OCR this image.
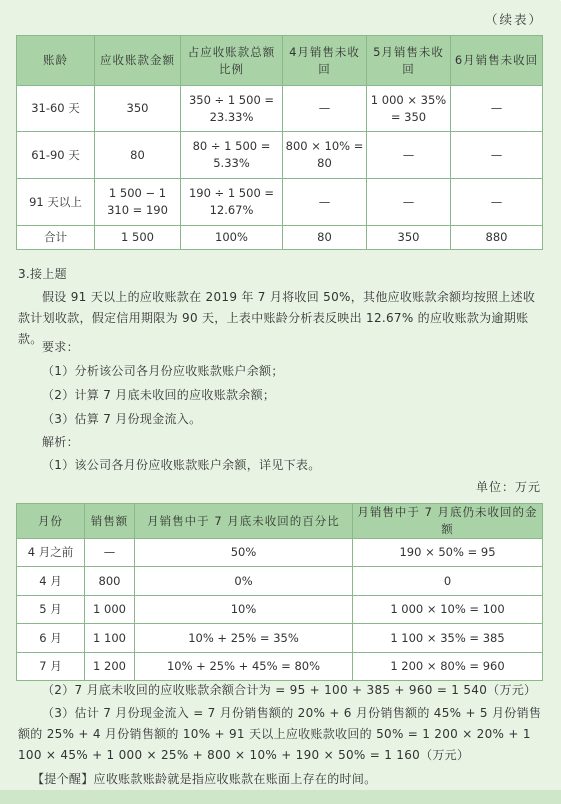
（续表）
账龄	应收账款金额	占应收账款总额比例	4月销售未收回	5月销售未收回	6月销售未收回
31-60 天	350	350 ÷ 1 500 = 23.33%	—	1 000 × 35% = 350	—
61-90 天	80	80 ÷ 1 500 = 5.33%	800 × 10% = 80	—	—
91 天以上	1 500 − 1 310 = 190	190 ÷ 1 500 = 12.67%	—	—	—
合计	1 500	100%	80	350	880
3.接上题
假设 91 天以上的应收账款在 2019 年 7 月将收回 50%，其他应收账款余额均按照上述收款计划收款，假定信用期限为 90 天，上表中账龄分析表反映出 12.67% 的应收账款为逾期账款。
要求：
（1）分析该公司各月份应收账款账户余额；
（2）计算 7 月底未收回的应收账款余额；
（3）估算 7 月份现金流入。
解析：
（1）该公司各月份应收账款账户余额，详见下表。
单位：万元
月份	销售额	月销售中于 7 月底未收回的百分比	月销售中于 7 月底仍未收回的金额
4 月之前	—	50%	190 × 50% = 95
4 月	800	0%	0
5 月	1 000	10%	1 000 × 10% = 100
6 月	1 100	10% + 25% = 35%	1 100 × 35% = 385
7 月	1 200	10% + 25% + 45% = 80%	1 200 × 80% = 960
（2）7 月底未收回的应收账款余额合计为 = 95 + 100 + 385 + 960 = 1 540（万元）
（3）估计 7 月份现金流入 = 7 月份销售额的 20% + 6 月份销售额的 45% + 5 月份销售额的 25% + 4 月份销售额的 10% + 91 天以上应收账款收回的 50% = 1 200 × 20% + 1 100 × 45% + 1 000 × 25% + 800 × 10% + 190 × 50% = 1 160（万元）
【提个醒】应收账款账龄就是指应收账款在账面上存在的时间。
